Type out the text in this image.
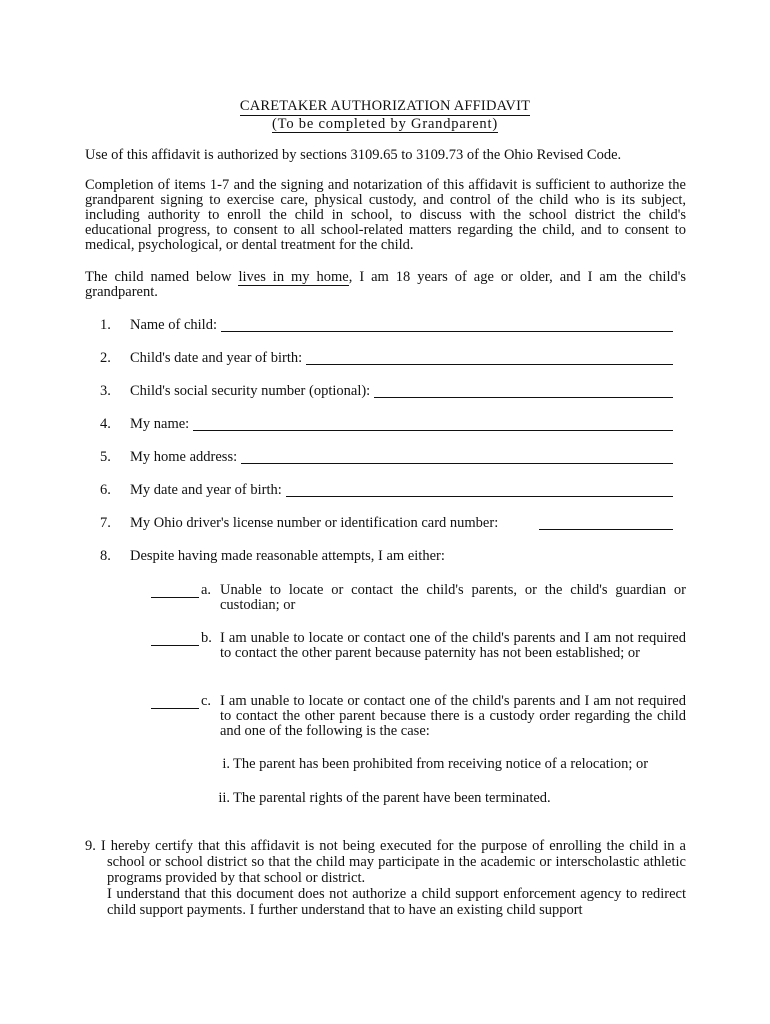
CARETAKER AUTHORIZATION AFFIDAVIT
(To be completed by Grandparent)

Use of this affidavit is authorized by sections 3109.65 to 3109.73 of the Ohio Revised Code.

Completion of items 1-7 and the signing and notarization of this affidavit is sufficient to authorize the grandparent signing to exercise care, physical custody, and control of the child who is its subject, including authority to enroll the child in school, to discuss with the school district the child's educational progress, to consent to all school-related matters regarding the child, and to consent to medical, psychological, or dental treatment for the child.

The child named below lives in my home, I am 18 years of age or older, and I am the child's grandparent.

1.	Name of child:
2.	Child's date and year of birth:
3.	Child's social security number (optional):
4.	My name:
5.	My home address:
6.	My date and year of birth:
7.	My Ohio driver's license number or identification card number:
8.	Despite having made reasonable attempts, I am either:
a. Unable to locate or contact the child's parents, or the child's guardian or custodian; or
b. I am unable to locate or contact one of the child's parents and I am not required to contact the other parent because paternity has not been established; or
c. I am unable to locate or contact one of the child's parents and I am not required to contact the other parent because there is a custody order regarding the child and one of the following is the case:
i. The parent has been prohibited from receiving notice of a relocation; or
ii. The parental rights of the parent have been terminated.

9. I hereby certify that this affidavit is not being executed for the purpose of enrolling the child in a school or school district so that the child may participate in the academic or interscholastic athletic programs provided by that school or district.

I understand that this document does not authorize a child support enforcement agency to redirect child support payments. I further understand that to have an existing child support
